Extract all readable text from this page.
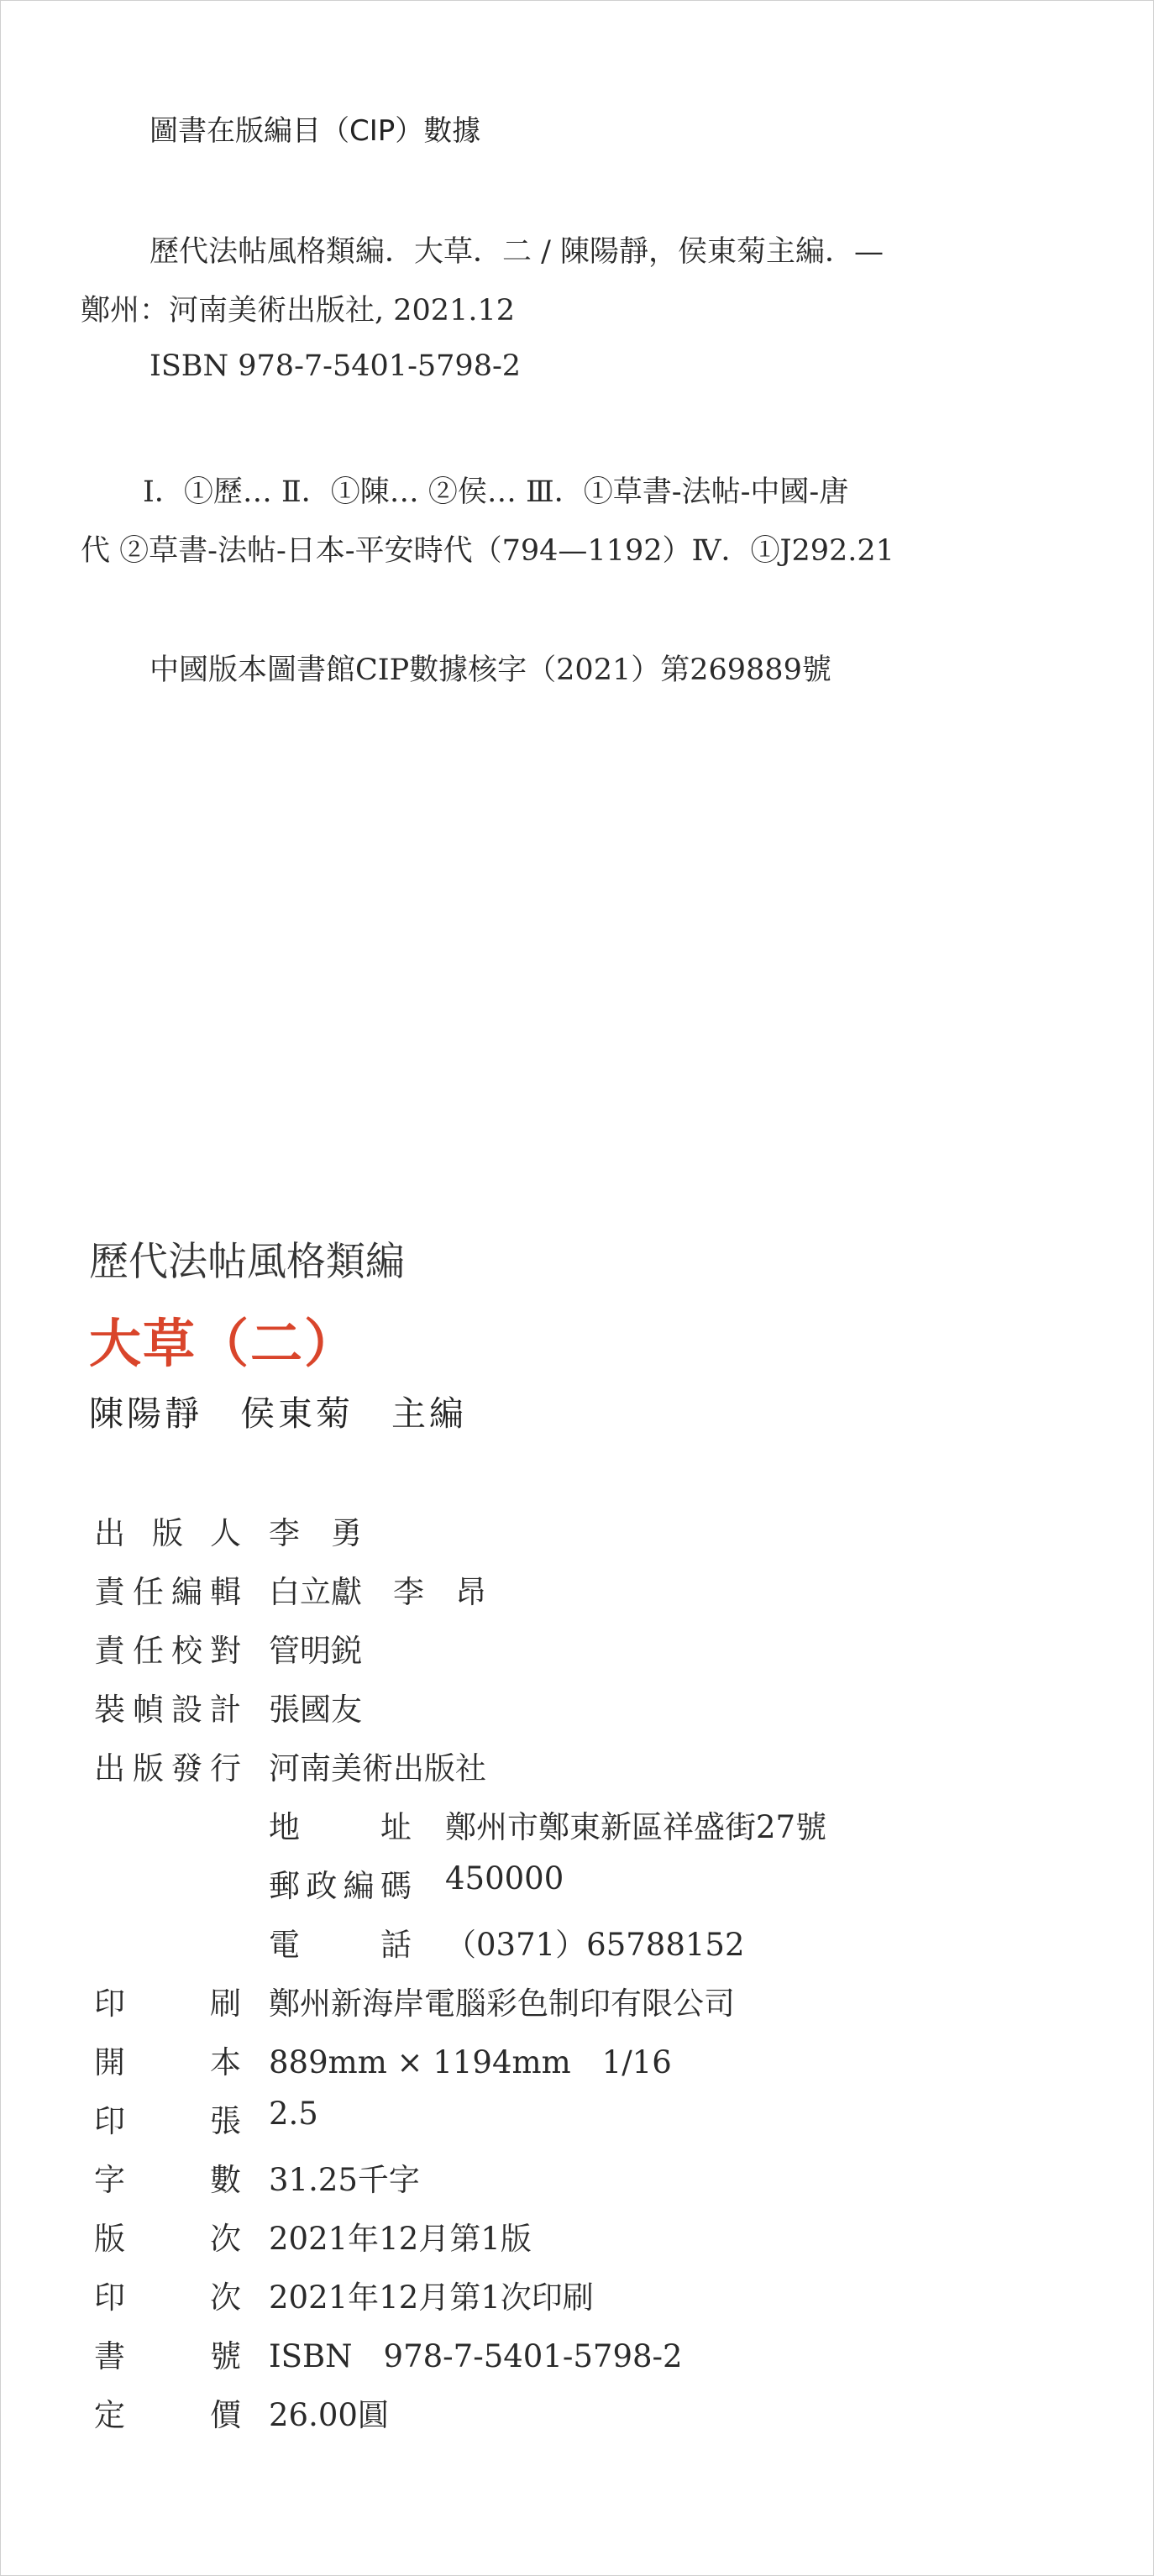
圖書在版編目（CIP）數據
歷代法帖風格類編．大草．二 / 陳陽靜，侯東菊主編．—
鄭州：河南美術出版社, 2021.12
ISBN 978-7-5401-5798-2
Ⅰ．①歷… Ⅱ．①陳… ②侯… Ⅲ．①草書-法帖-中國-唐
代 ②草書-法帖-日本-平安時代（794—1192）Ⅳ．①J292.21
中國版本圖書館CIP數據核字（2021）第269889號
歷代法帖風格類編
大草（二）
陳陽靜　侯東菊　主編
出 版 人 李　勇
責 任 編 輯 白立獻　李　昂
責 任 校 對 管明鋭
裝 幀 設 計 張國友
出 版 發 行 河南美術出版社
地	址 鄭州市鄭東新區祥盛街27號
郵 政 編 碼 450000
電	話 （0371）65788152
印	刷 鄭州新海岸電腦彩色制印有限公司
開	本 889mm × 1194mm　1/16
印	張 2.5
字	數 31.25千字
版	次 2021年12月第1版
印	次 2021年12月第1次印刷
書	號 ISBN　978-7-5401-5798-2
定	價 26.00圓
